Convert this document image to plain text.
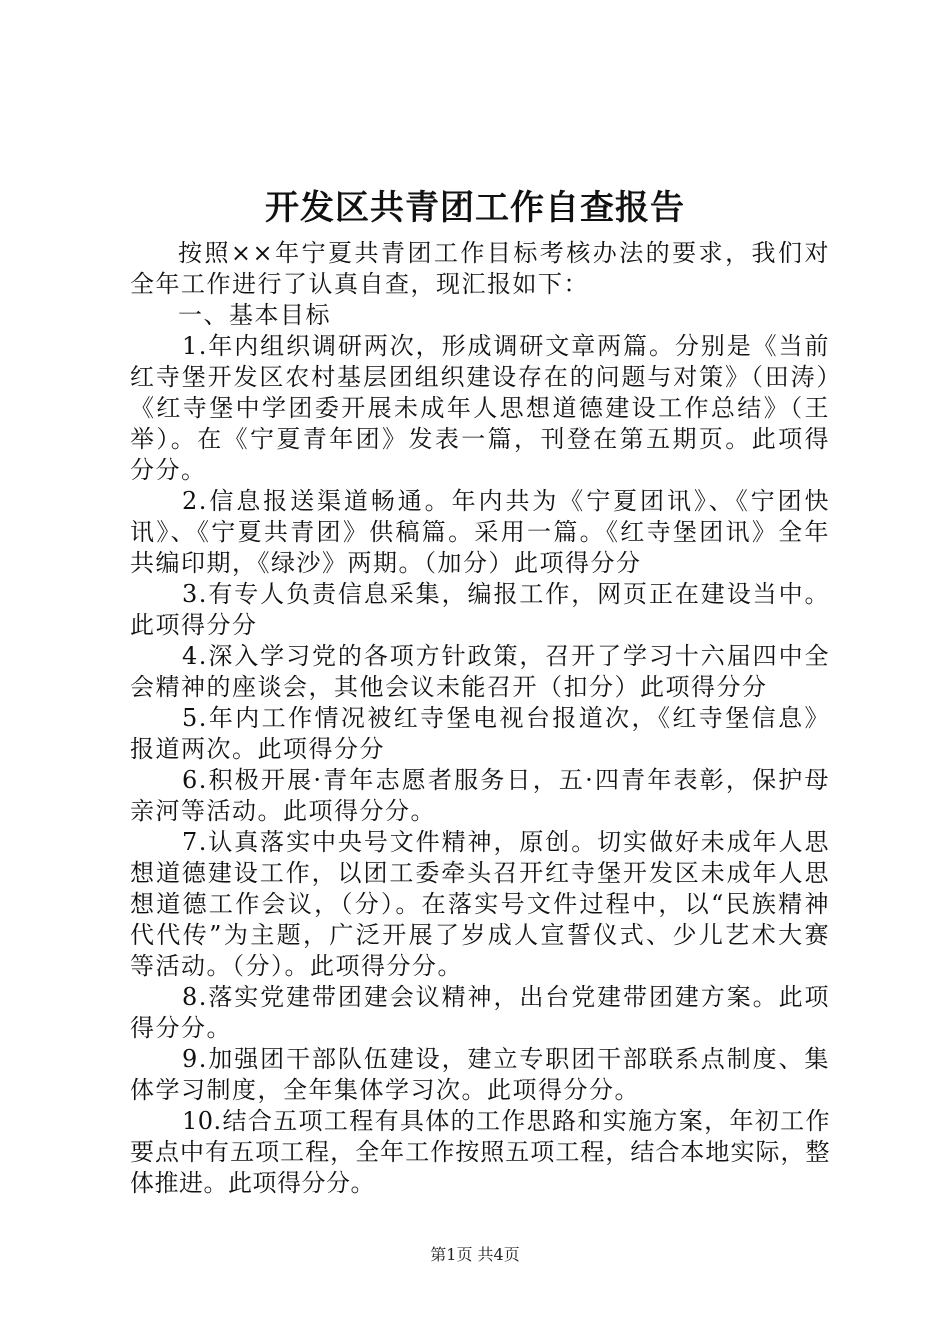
开发区共青团工作自查报告

按照××年宁夏共青团工作目标考核办法的要求，我们对全年工作进行了认真自查，现汇报如下：

一、基本目标

1.年内组织调研两次，形成调研文章两篇。分别是《当前红寺堡开发区农村基层团组织建设存在的问题与对策》（田涛）《红寺堡中学团委开展未成年人思想道德建设工作总结》（王举）。在《宁夏青年团》发表一篇，刊登在第五期页。此项得分分。

2.信息报送渠道畅通。年内共为《宁夏团讯》、《宁团快讯》、《宁夏共青团》供稿篇。采用一篇。《红寺堡团讯》全年共编印期，《绿沙》两期。（加分）此项得分分

3.有专人负责信息采集，编报工作，网页正在建设当中。此项得分分

4.深入学习党的各项方针政策，召开了学习十六届四中全会精神的座谈会，其他会议未能召开（扣分）此项得分分

5.年内工作情况被红寺堡电视台报道次，《红寺堡信息》报道两次。此项得分分

6.积极开展·青年志愿者服务日，五·四青年表彰，保护母亲河等活动。此项得分分。

7.认真落实中央号文件精神，原创。切实做好未成年人思想道德建设工作，以团工委牵头召开红寺堡开发区未成年人思想道德工作会议，（分）。在落实号文件过程中，以“民族精神代代传”为主题，广泛开展了岁成人宣誓仪式、少儿艺术大赛等活动。（分）。此项得分分。

8.落实党建带团建会议精神，出台党建带团建方案。此项得分分。

9.加强团干部队伍建设，建立专职团干部联系点制度、集体学习制度，全年集体学习次。此项得分分。

10.结合五项工程有具体的工作思路和实施方案，年初工作要点中有五项工程，全年工作按照五项工程，结合本地实际，整体推进。此项得分分。

第1页 共4页
